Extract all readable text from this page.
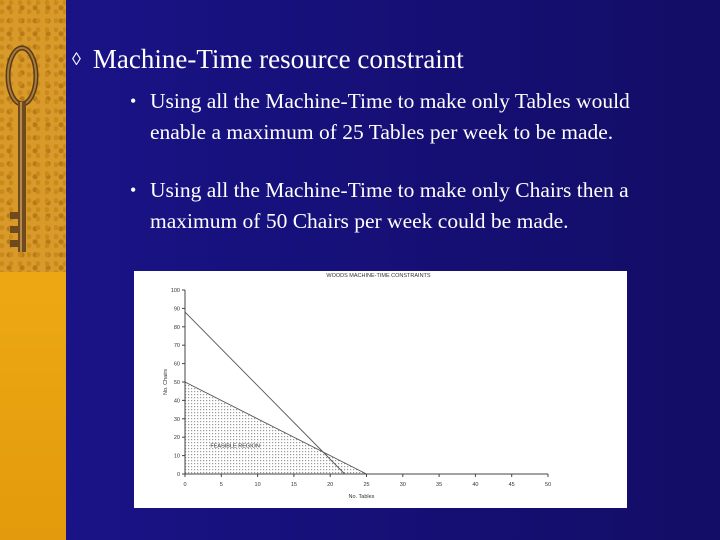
◊ Machine-Time resource constraint
• Using all the Machine-Time to make only Tables would enable a maximum of 25 Tables per week to be made.
• Using all the Machine-Time to make only Chairs then a maximum of 50 Chairs per week could be made.
0	5	10	15	20	25	30	35	40	45	50
0
10
20
30
40
50
60
70
80
90
100
WOODS MACHINE-TIME CONSTRAINTS
No. Tables
No. Chairs
FEASIBLE REGION
